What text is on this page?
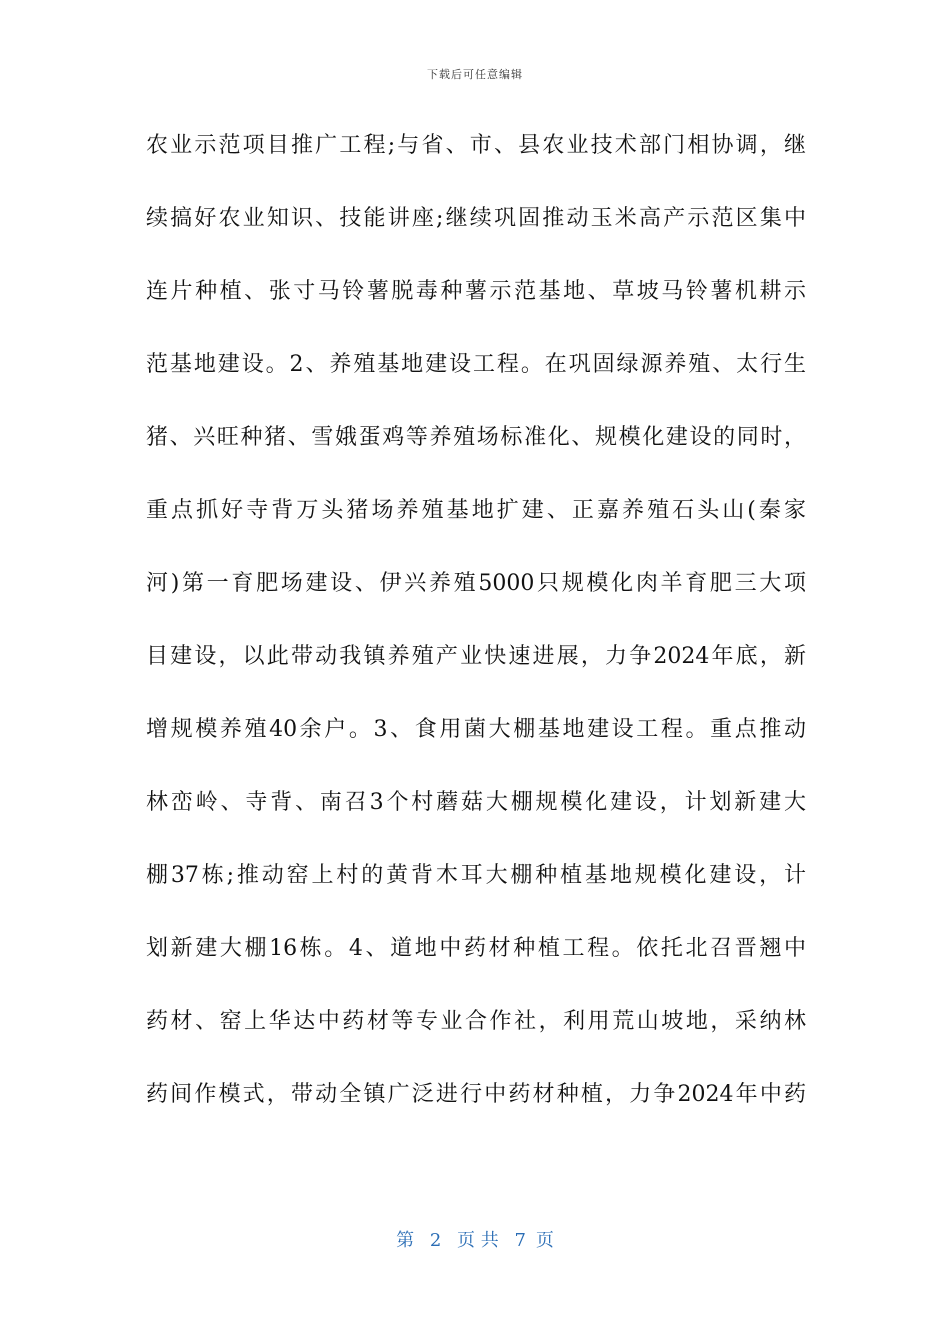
下载后可任意编辑
农业示范项目推广工程;与省、市、县农业技术部门相协调，继
续搞好农业知识、技能讲座;继续巩固推动玉米高产示范区集中
连片种植、张寸马铃薯脱毒种薯示范基地、草坡马铃薯机耕示
范基地建设。2、养殖基地建设工程。在巩固绿源养殖、太行生
猪、兴旺种猪、雪娥蛋鸡等养殖场标准化、规模化建设的同时，
重点抓好寺背万头猪场养殖基地扩建、正嘉养殖石头山(秦家
河)第一育肥场建设、伊兴养殖5000只规模化肉羊育肥三大项
目建设，以此带动我镇养殖产业快速进展，力争2024年底，新
增规模养殖40余户。3、食用菌大棚基地建设工程。重点推动
林峦岭、寺背、南召3个村蘑菇大棚规模化建设，计划新建大
棚37栋;推动窑上村的黄背木耳大棚种植基地规模化建设，计
划新建大棚16栋。4、道地中药材种植工程。依托北召晋翘中
药材、窑上华达中药材等专业合作社，利用荒山坡地，采纳林
药间作模式，带动全镇广泛进行中药材种植，力争2024年中药
第 2 页 共 7 页
